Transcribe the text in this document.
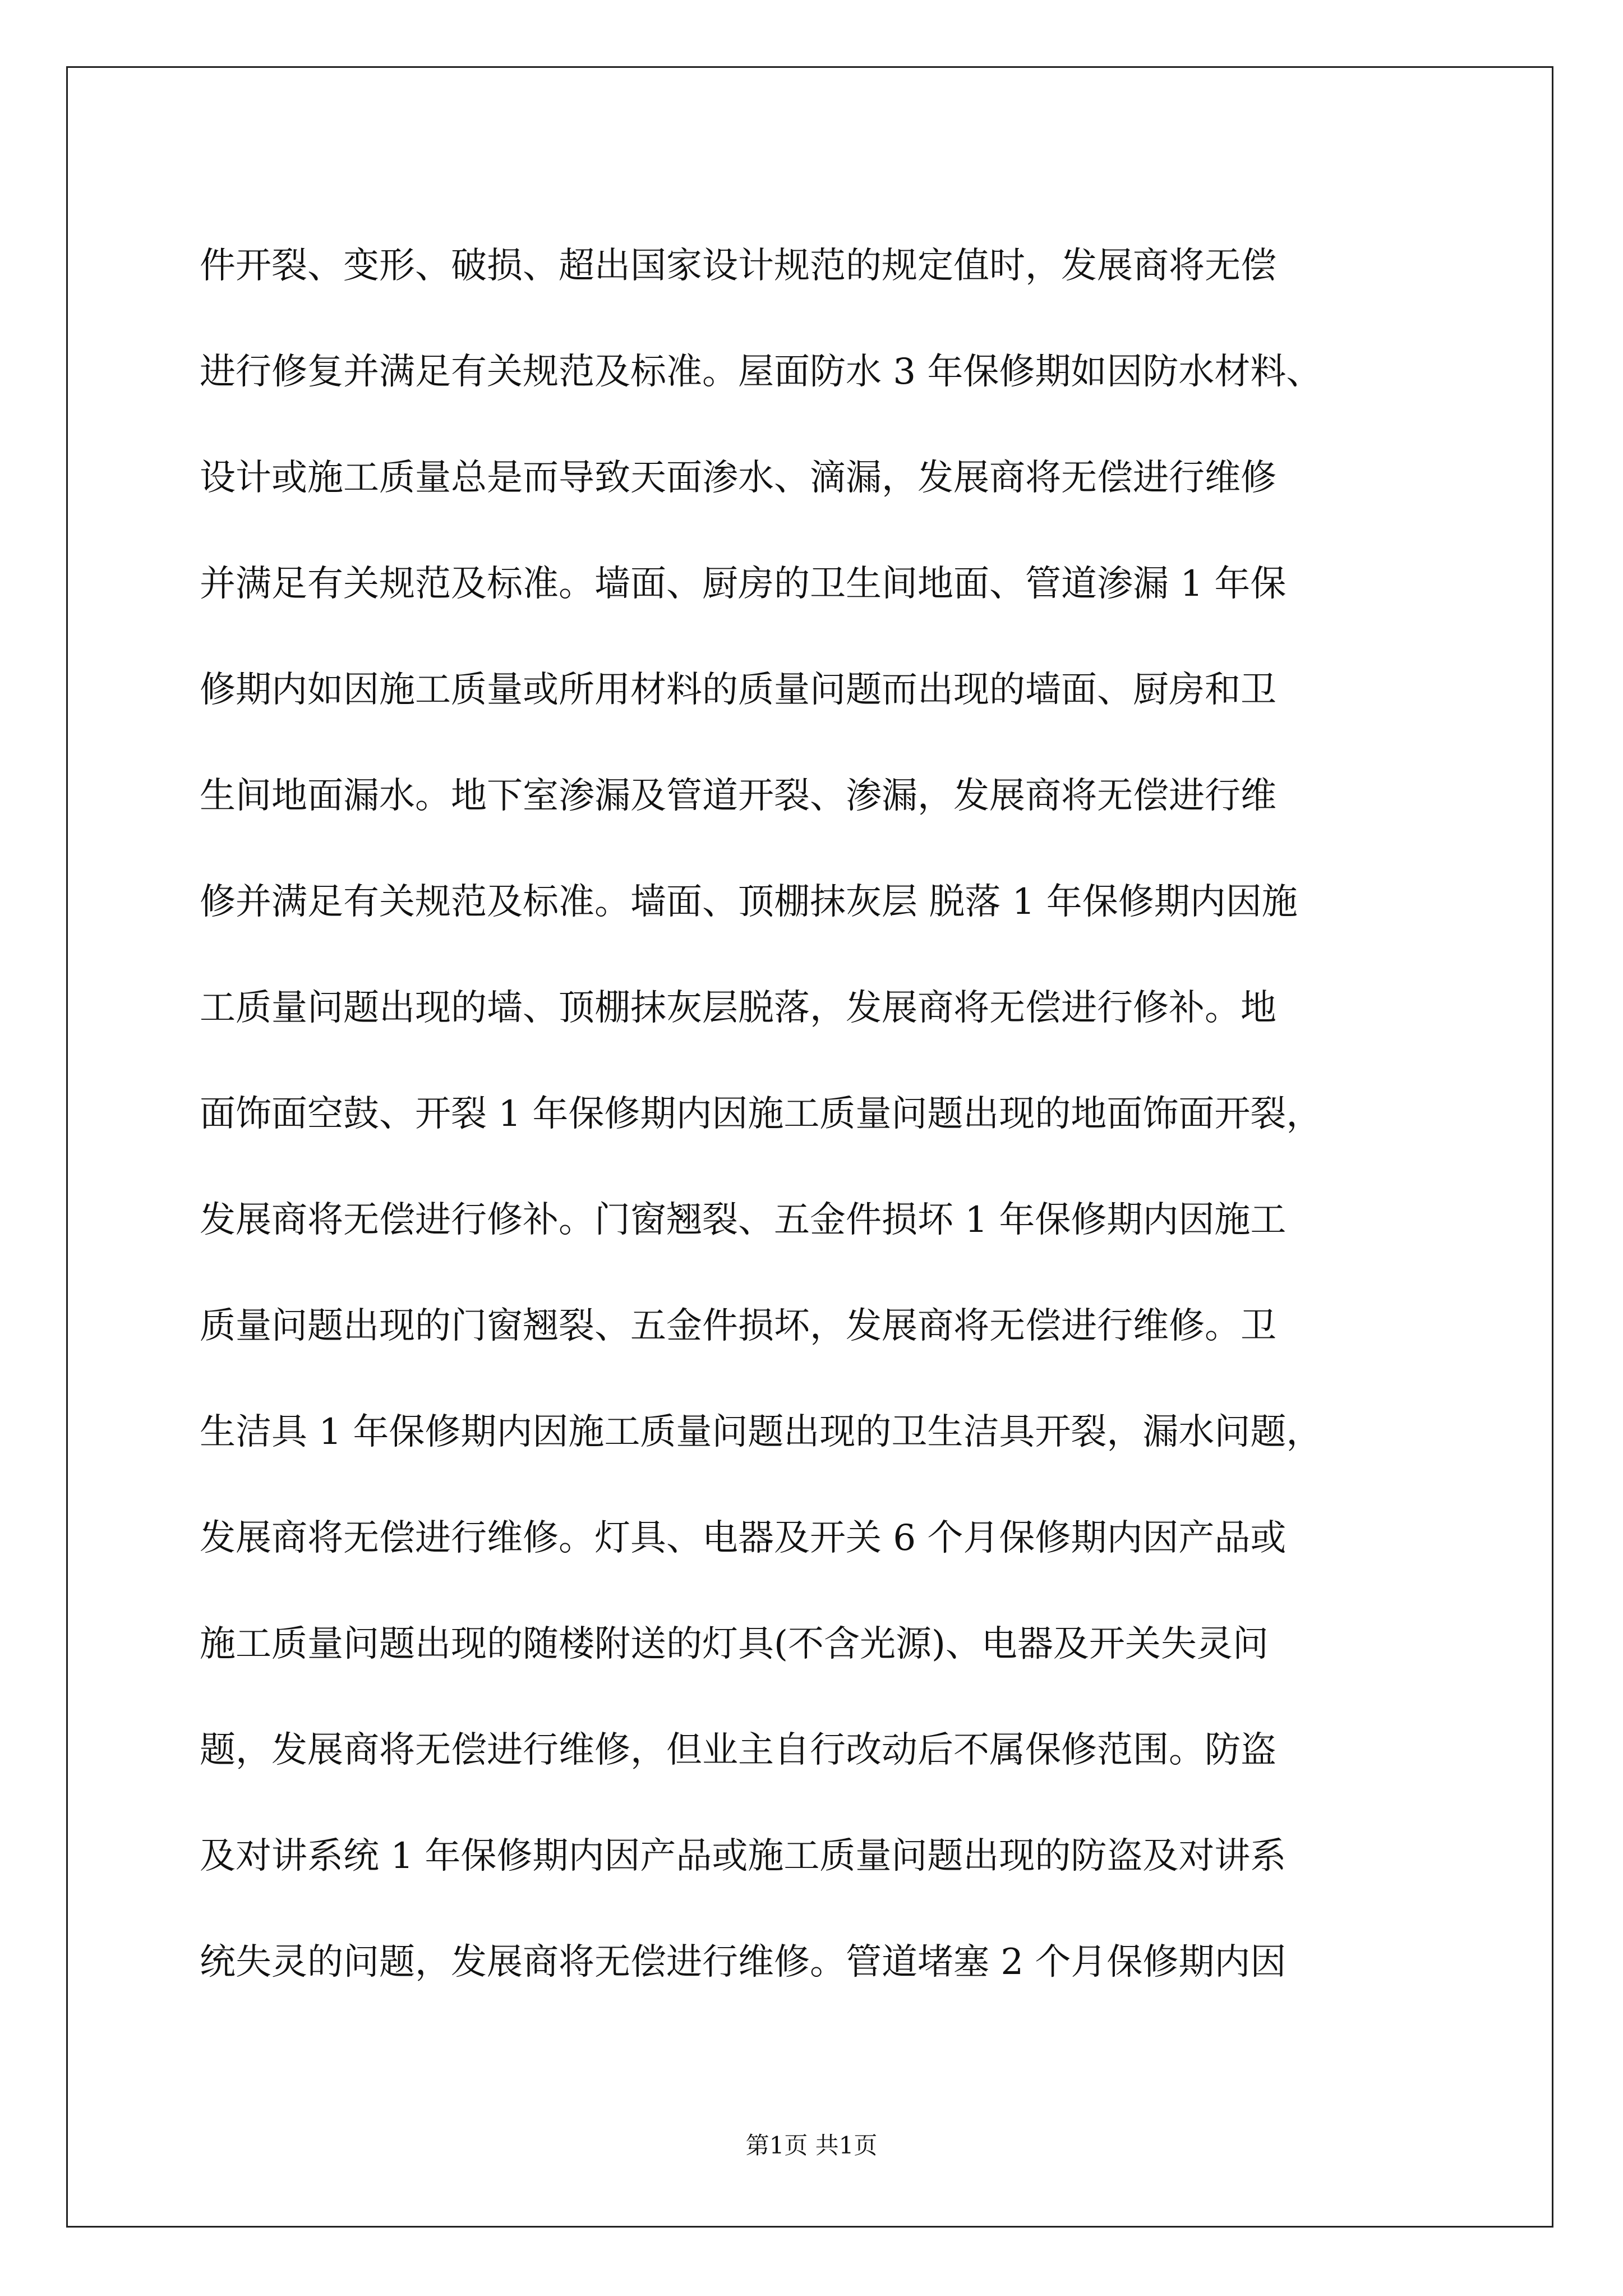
件开裂、变形、破损、超出国家设计规范的规定值时，发展商将无偿
进行修复并满足有关规范及标准。屋面防水 3 年保修期如因防水材料、
设计或施工质量总是而导致天面渗水、滴漏，发展商将无偿进行维修
并满足有关规范及标准。墙面、厨房的卫生间地面、管道渗漏 1 年保
修期内如因施工质量或所用材料的质量问题而出现的墙面、厨房和卫
生间地面漏水。地下室渗漏及管道开裂、渗漏，发展商将无偿进行维
修并满足有关规范及标准。墙面、顶棚抹灰层 脱落 1 年保修期内因施
工质量问题出现的墙、顶棚抹灰层脱落，发展商将无偿进行修补。地
面饰面空鼓、开裂 1 年保修期内因施工质量问题出现的地面饰面开裂，
发展商将无偿进行修补。门窗翘裂、五金件损坏 1 年保修期内因施工
质量问题出现的门窗翘裂、五金件损坏，发展商将无偿进行维修。卫
生洁具 1 年保修期内因施工质量问题出现的卫生洁具开裂，漏水问题，
发展商将无偿进行维修。灯具、电器及开关 6 个月保修期内因产品或
施工质量问题出现的随楼附送的灯具(不含光源)、电器及开关失灵问
题，发展商将无偿进行维修，但业主自行改动后不属保修范围。防盗
及对讲系统 1 年保修期内因产品或施工质量问题出现的防盗及对讲系
统失灵的问题，发展商将无偿进行维修。管道堵塞 2 个月保修期内因
第1页 共1页
